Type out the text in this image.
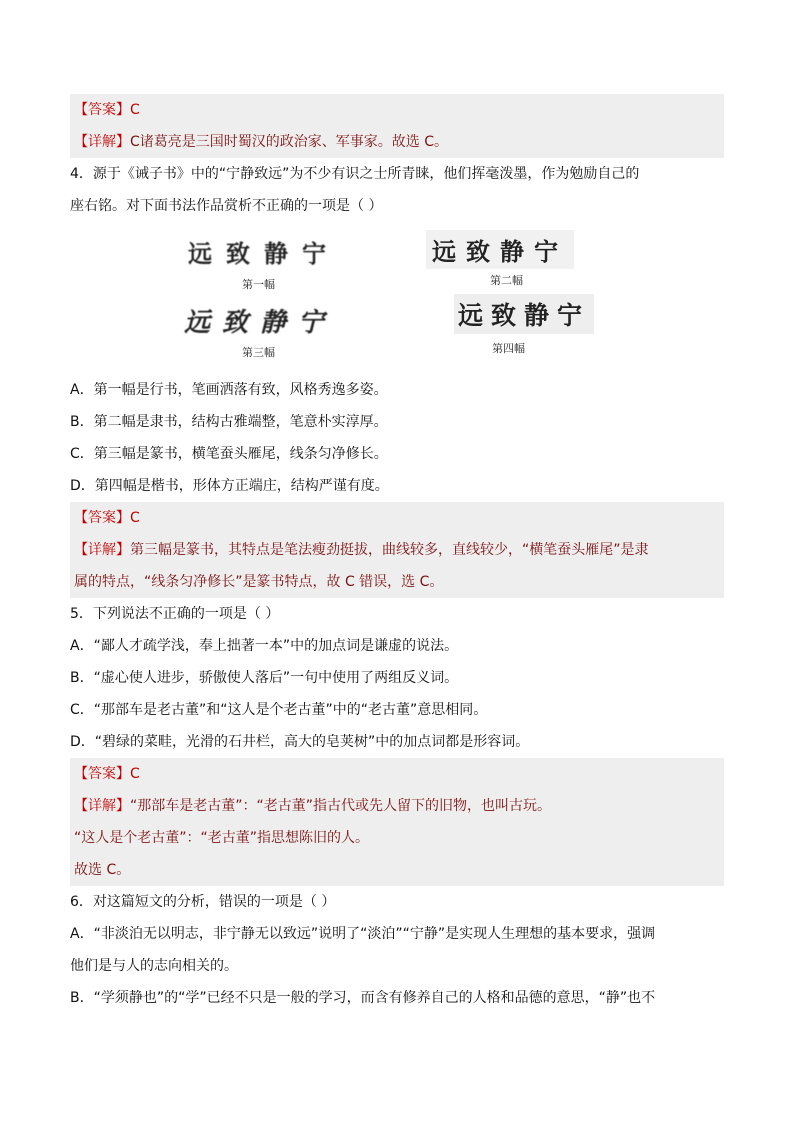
【答案】C
【详解】C诸葛亮是三国时蜀汉的政治家、军事家。故选 C。
4．源于《诫子书》中的“宁静致远”为不少有识之士所青睐，他们挥毫泼墨，作为勉励自己的
座右铭。对下面书法作品赏析不正确的一项是（ ）
远致静宁
第一幅
远致静宁
第二幅
远致静宁
第三幅
远致静宁
第四幅
A．第一幅是行书，笔画洒落有致，风格秀逸多姿。
B．第二幅是隶书，结构古雅端整，笔意朴实淳厚。
C．第三幅是篆书，横笔蚕头雁尾，线条匀净修长。
D．第四幅是楷书，形体方正端庄，结构严谨有度。
【答案】C
【详解】第三幅是篆书，其特点是笔法瘦劲挺拔，曲线较多，直线较少，“横笔蚕头雁尾”是隶
属的特点，“线条匀净修长”是篆书特点，故 C 错误，选 C。
5．下列说法不正确的一项是（ ）
A．“鄙人才疏学浅，奉上拙著一本”中的加点词是谦虚的说法。
B．“虚心使人进步，骄傲使人落后”一句中使用了两组反义词。
C．“那部车是老古董”和“这人是个老古董”中的“老古董”意思相同。
D．“碧绿的菜畦，光滑的石井栏，高大的皂荚树”中的加点词都是形容词。
【答案】C
【详解】“那部车是老古董”：“老古董”指古代或先人留下的旧物，也叫古玩。
“这人是个老古董”：“老古董”指思想陈旧的人。
故选 C。
6．对这篇短文的分析，错误的一项是（ ）
A．“非淡泊无以明志，非宁静无以致远”说明了“淡泊”“宁静”是实现人生理想的基本要求，强调
他们是与人的志向相关的。
B．“学须静也”的“学”已经不只是一般的学习，而含有修养自己的人格和品德的意思，“静”也不
